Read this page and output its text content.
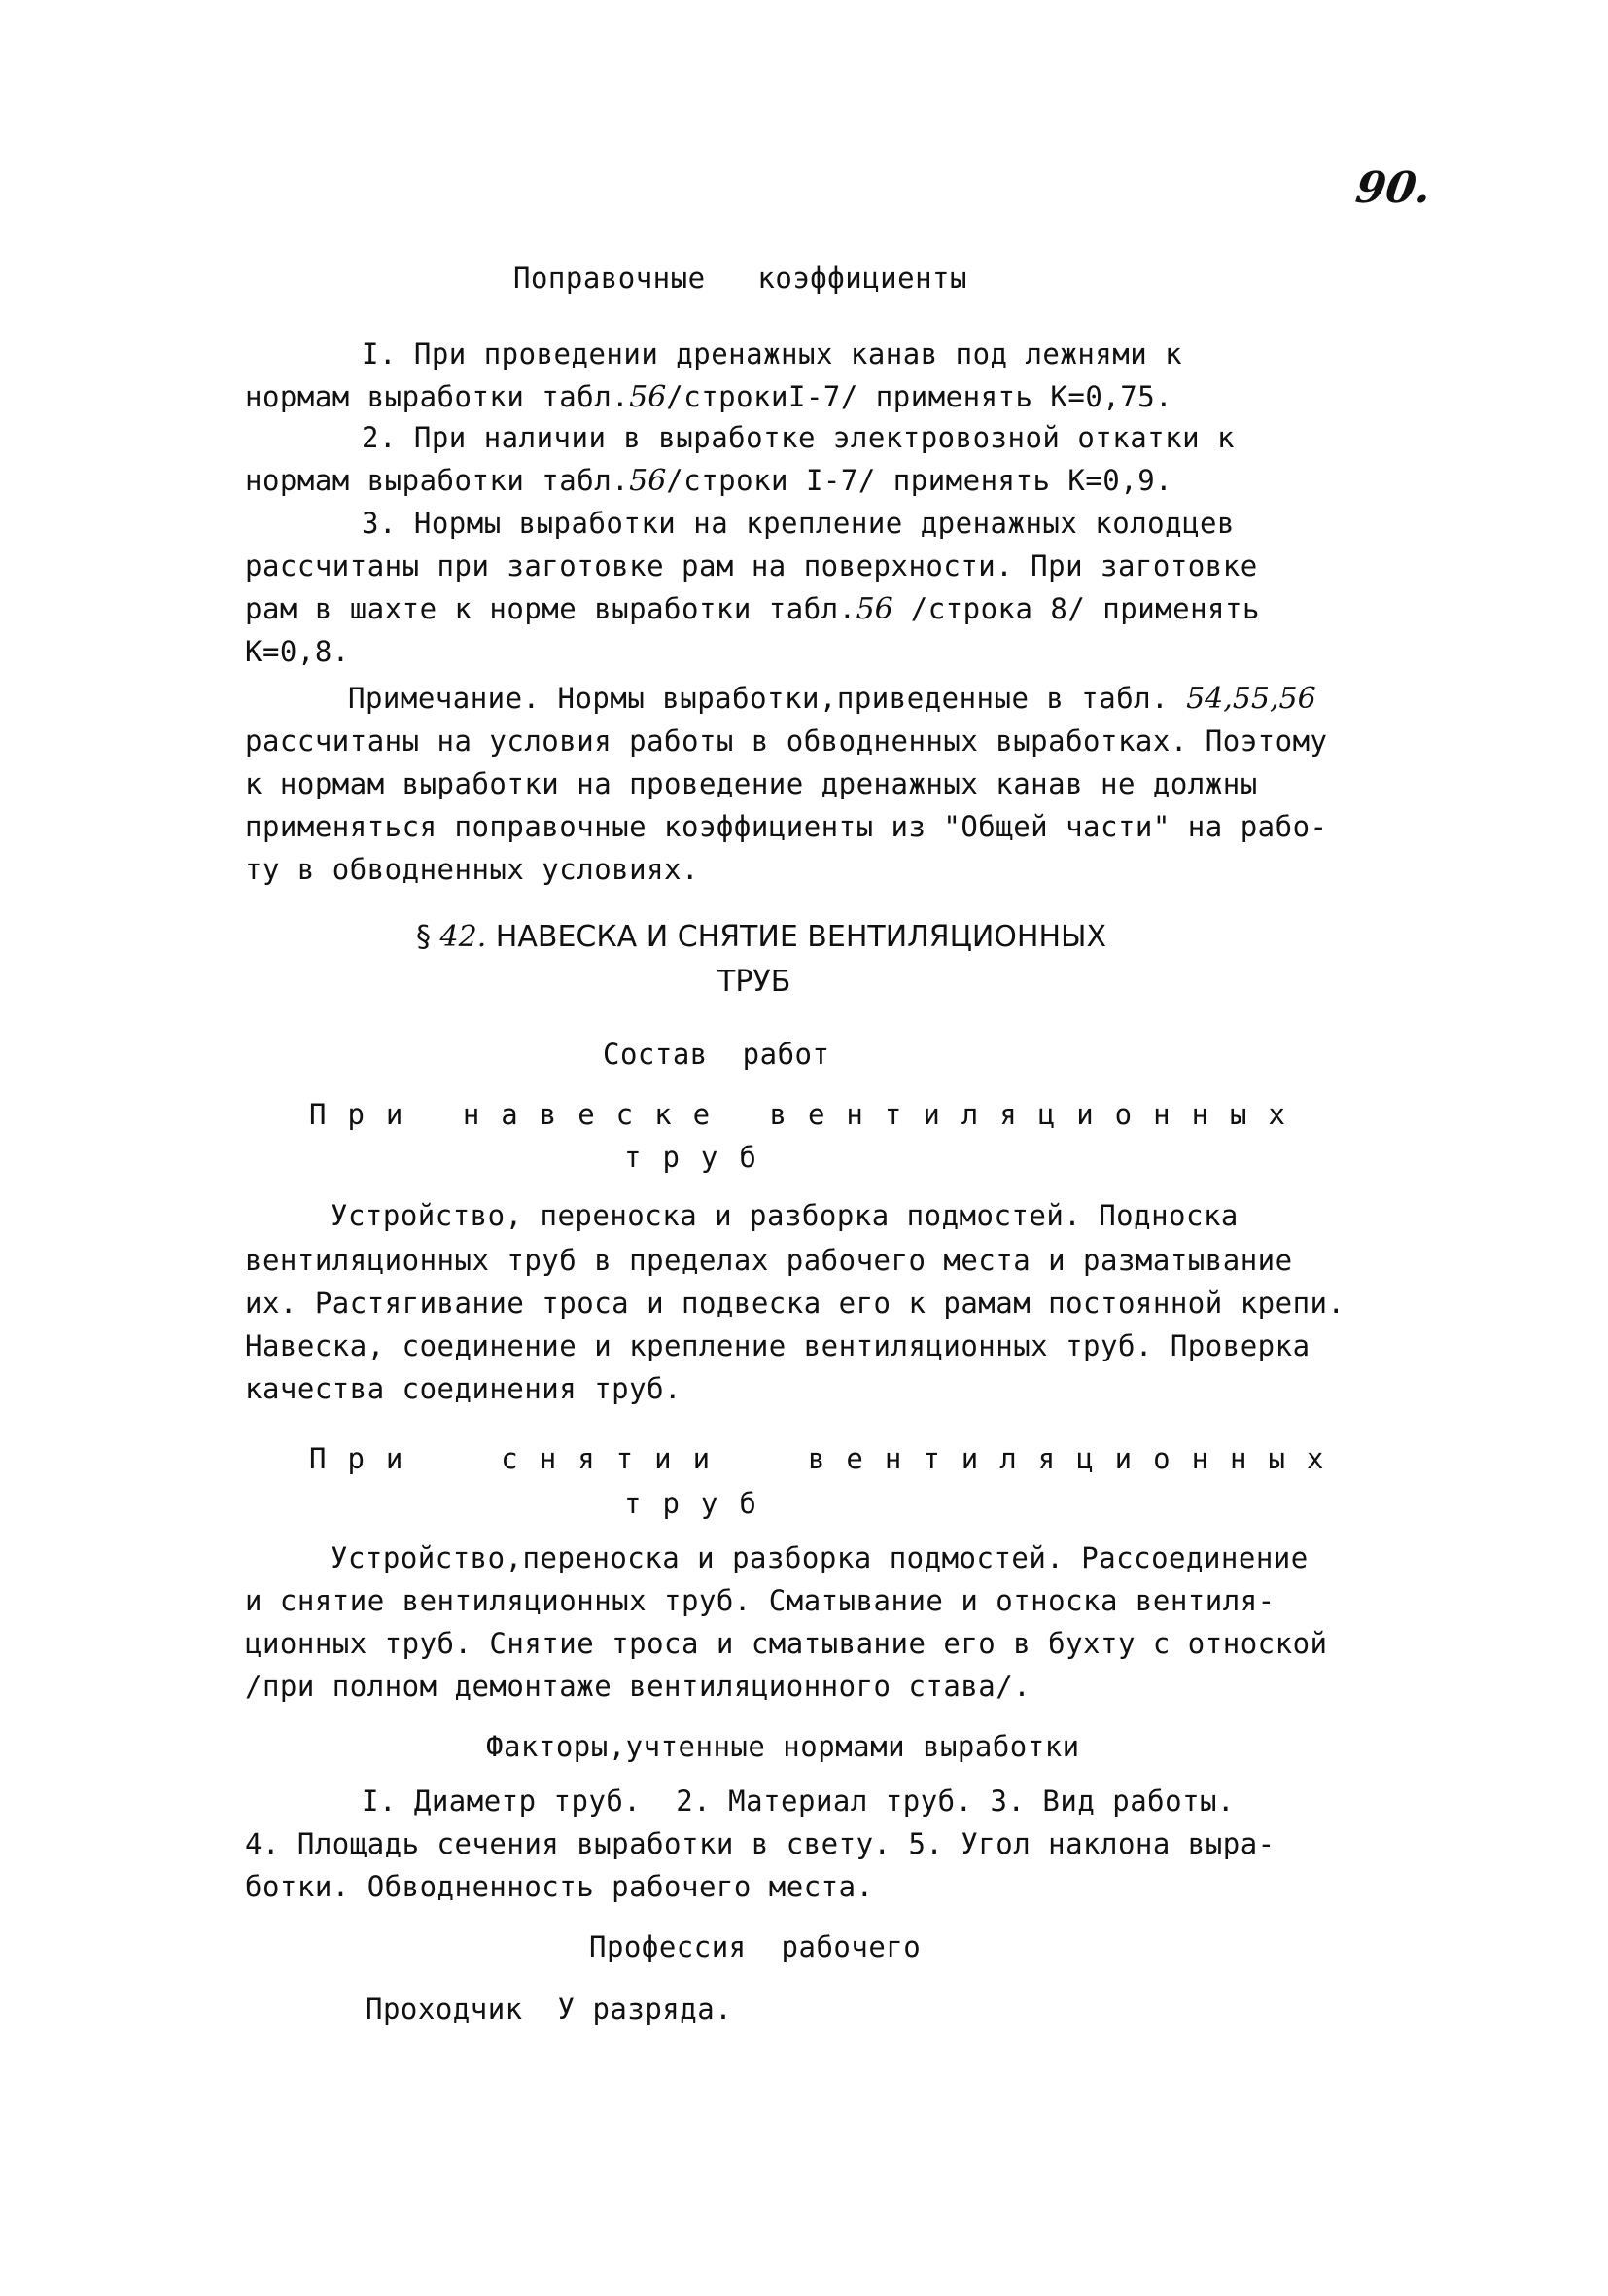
90.
Поправочные   коэффициенты
I. При проведении дренажных канав под лежнями к
нормам выработки табл.56/строкиI-7/ применять К=0,75.
2. При наличии в выработке электровозной откатки к
нормам выработки табл.56/строки I-7/ применять К=0,9.
3. Нормы выработки на крепление дренажных колодцев
рассчитаны при заготовке рам на поверхности. При заготовке
рам в шахте к норме выработки табл.56 /строка 8/ применять
К=0,8.
Примечание. Нормы выработки,приведенные в табл. 54,55,56
рассчитаны на условия работы в обводненных выработках. Поэтому
к нормам выработки на проведение дренажных канав не должны
применяться поправочные коэффициенты из "Общей части" на рабо-
ту в обводненных условиях.
§ 42. НАВЕСКА И СНЯТИЕ ВЕНТИЛЯЦИОННЫХ
ТРУБ
Состав  работ
При навеске вентиляционных
труб
Устройство, переноска и разборка подмостей. Подноска
вентиляционных труб в пределах рабочего места и разматывание
их. Растягивание троса и подвеска его к рамам постоянной крепи.
Навеска, соединение и крепление вентиляционных труб. Проверка
качества соединения труб.
При  снятии  вентиляционных
труб
Устройство,переноска и разборка подмостей. Рассоединение
и снятие вентиляционных труб. Сматывание и относка вентиля-
ционных труб. Снятие троса и сматывание его в бухту с отноской
/при полном демонтаже вентиляционного става/.
Факторы,учтенные нормами выработки
I. Диаметр труб.  2. Материал труб. 3. Вид работы.
4. Площадь сечения выработки в свету. 5. Угол наклона выра-
ботки. Обводненность рабочего места.
Профессия  рабочего
Проходчик  У разряда.
